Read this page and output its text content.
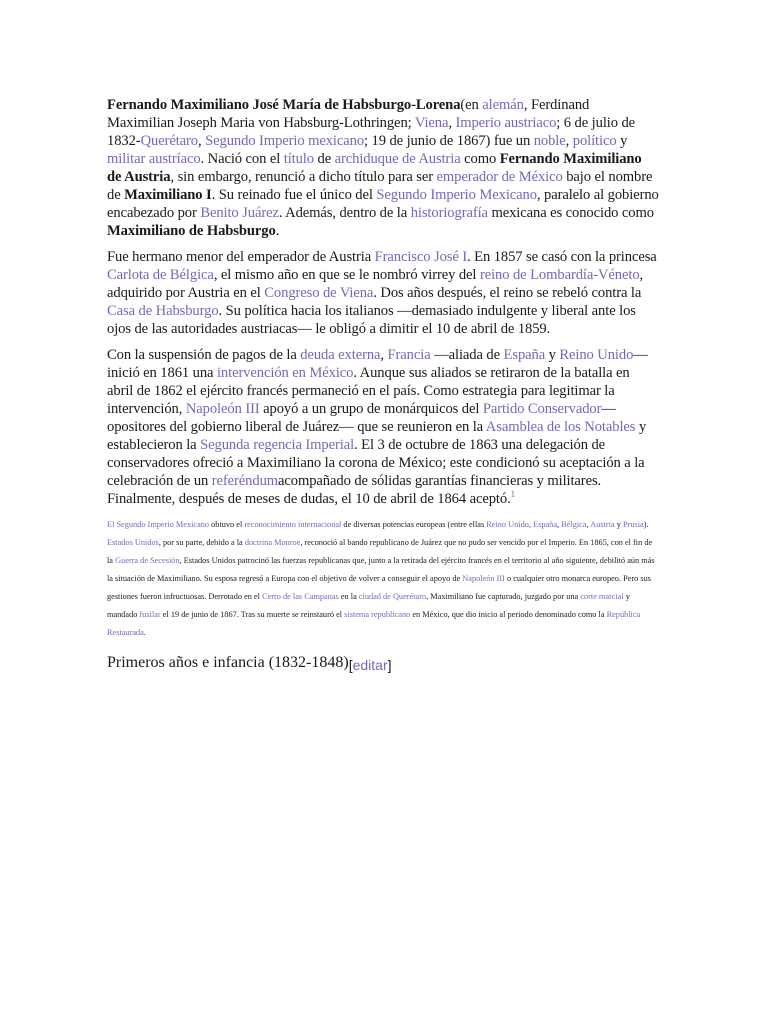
Fernando Maximiliano José María de Habsburgo-Lorena(en alemán, Ferdinand Maximilian Joseph Maria von Habsburg-Lothringen; Viena, Imperio austriaco; 6 de julio de 1832-Querétaro, Segundo Imperio mexicano; 19 de junio de 1867) fue un noble, político y militar austríaco. Nació con el título de archiduque de Austria como Fernando Maximiliano de Austria, sin embargo, renunció a dicho título para ser emperador de México bajo el nombre de Maximiliano I. Su reinado fue el único del Segundo Imperio Mexicano, paralelo al gobierno encabezado por Benito Juárez. Además, dentro de la historiografía mexicana es conocido como Maximiliano de Habsburgo.

Fue hermano menor del emperador de Austria Francisco José I. En 1857 se casó con la princesa Carlota de Bélgica, el mismo año en que se le nombró virrey del reino de Lombardía-Véneto, adquirido por Austria en el Congreso de Viena. Dos años después, el reino se rebeló contra la Casa de Habsburgo. Su política hacia los italianos —demasiado indulgente y liberal ante los ojos de las autoridades austriacas— le obligó a dimitir el 10 de abril de 1859.

Con la suspensión de pagos de la deuda externa, Francia —aliada de España y Reino Unido— inició en 1861 una intervención en México. Aunque sus aliados se retiraron de la batalla en abril de 1862 el ejército francés permaneció en el país. Como estrategia para legitimar la intervención, Napoleón III apoyó a un grupo de monárquicos del Partido Conservador—opositores del gobierno liberal de Juárez— que se reunieron en la Asamblea de los Notables y establecieron la Segunda regencia Imperial. El 3 de octubre de 1863 una delegación de conservadores ofreció a Maximiliano la corona de México; este condicionó su aceptación a la celebración de un referéndumacompañado de sólidas garantías financieras y militares. Finalmente, después de meses de dudas, el 10 de abril de 1864 aceptó.$^1$

El Segundo Imperio Mexicano obtuvo el reconocimiento internacional de diversas potencias europeas (entre ellas Reino Unido, España, Bélgica, Austria y Prusia). Estados Unidos, por su parte, debido a la doctrina Monroe, reconoció al bando republicano de Juárez que no pudo ser vencido por el Imperio. En 1865, con el fin de la Guerra de Secesión, Estados Unidos patrocinó las fuerzas republicanas que, junto a la retirada del ejército francés en el territorio al año siguiente, debilitó aún más la situación de Maximiliano. Su esposa regresó a Europa con el objetivo de volver a conseguir el apoyo de Napoleón III o cualquier otro monarca europeo. Pero sus gestiones fueron infructuosas. Derrotado en el Cerro de las Campanas en la ciudad de Querétaro, Maximiliano fue capturado, juzgado por una corte marcial y mandado fusilar el 19 de junio de 1867. Tras su muerte se reinstauró el sistema republicano en México, que dio inicio al periodo denominado como la República Restaurada.

Primeros años e infancia (1832-1848)[editar]
